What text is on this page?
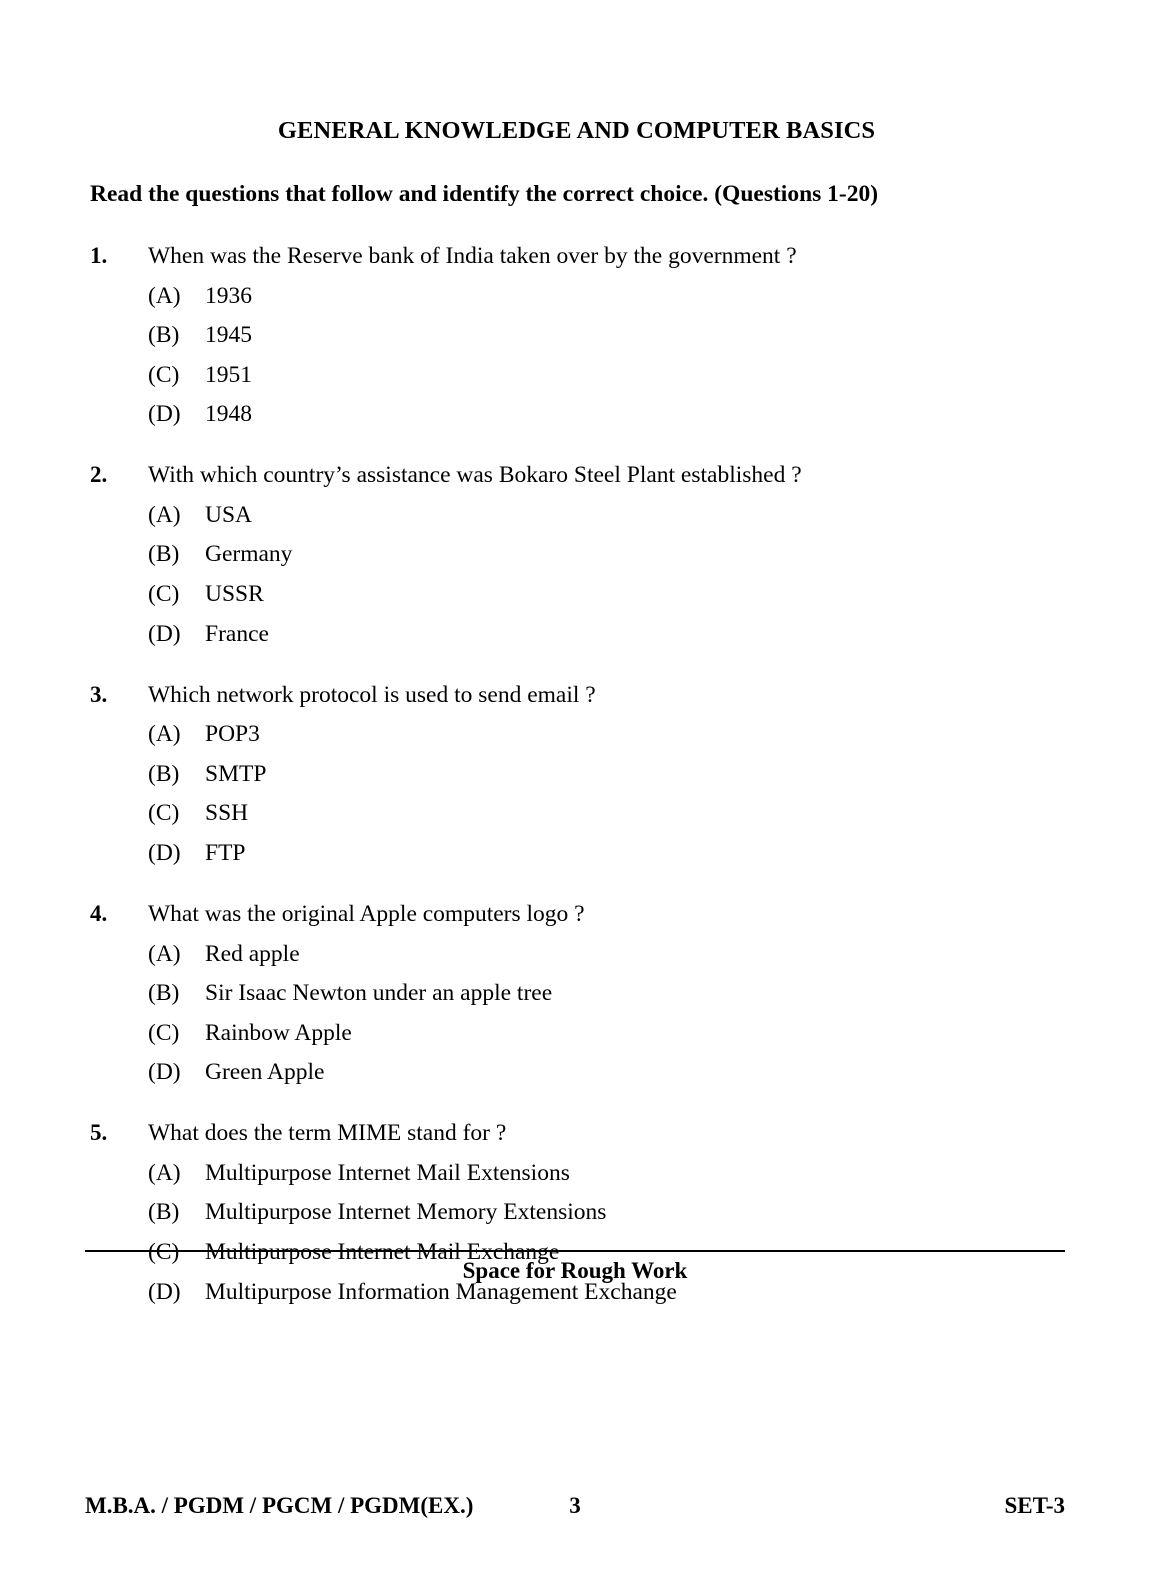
GENERAL KNOWLEDGE AND COMPUTER BASICS
Read the questions that follow and identify the correct choice. (Questions 1-20)
1.	When was the Reserve bank of India taken over by the government ?
(A)	1936
(B)	1945
(C)	1951
(D)	1948
2.	With which country’s assistance was Bokaro Steel Plant established ?
(A)	USA
(B)	Germany
(C)	USSR
(D)	France
3.	Which network protocol is used to send email ?
(A)	POP3
(B)	SMTP
(C)	SSH
(D)	FTP
4.	What was the original Apple computers logo ?
(A)	Red apple
(B)	Sir Isaac Newton under an apple tree
(C)	Rainbow Apple
(D)	Green Apple
5.	What does the term MIME stand for ?
(A)	Multipurpose Internet Mail Extensions
(B)	Multipurpose Internet Memory Extensions
(C)	Multipurpose Internet Mail Exchange
(D)	Multipurpose Information Management Exchange
Space for Rough Work
M.B.A. / PGDM / PGCM / PGDM(EX.)	3	SET-3
